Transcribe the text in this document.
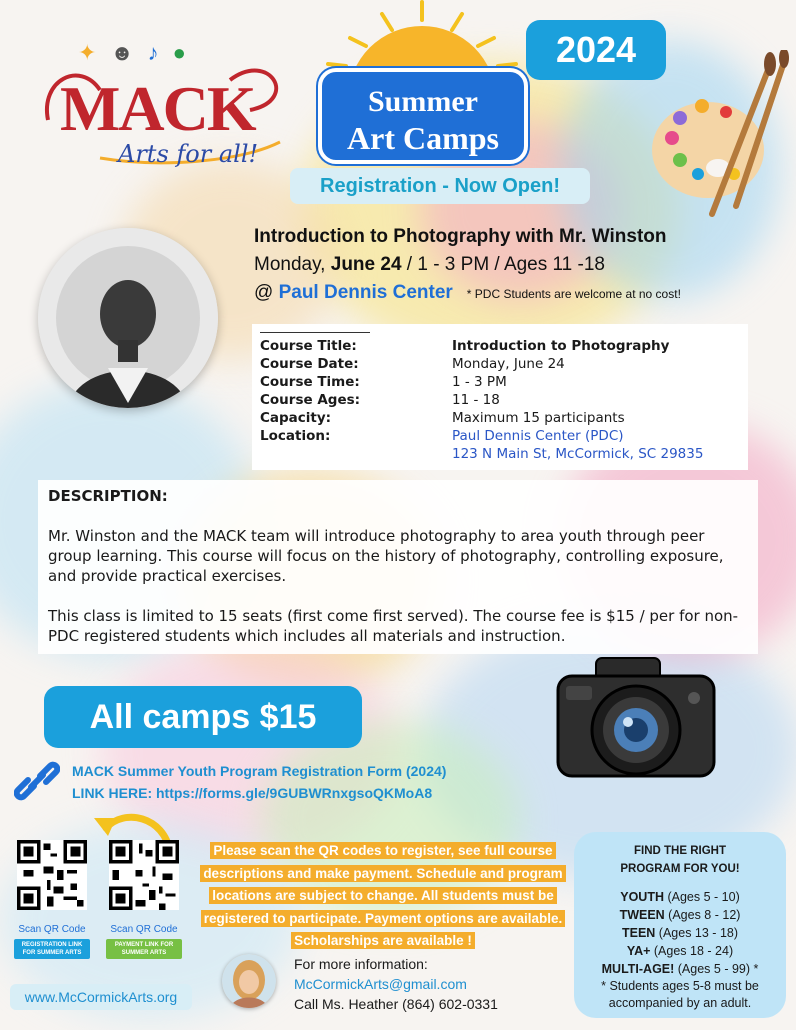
✦ ☻ ♪ ●
MACK
Arts for all!
Summer
Art Camps
2024
Registration - Now Open!
Introduction to Photography with Mr. Winston
Monday, June 24 / 1 - 3 PM / Ages 11 -18
@ Paul Dennis Center * PDC Students are welcome at no cost!
Course Title:	Introduction to Photography
Course Date:	Monday, June 24
Course Time:	1 - 3 PM
Course Ages:	11 - 18
Capacity:	Maximum 15 participants
Location:	Paul Dennis Center (PDC)
	123 N Main St, McCormick, SC 29835
DESCRIPTION:

Mr. Winston and the MACK team will introduce photography to area youth through peer group learning. This course will focus on the history of photography, controlling exposure, and provide practical exercises.

This class is limited to 15 seats (first come first served). The course fee is $15 / per for non-PDC registered students which includes all materials and instruction.

All camps $15
MACK Summer Youth Program Registration Form (2024)
LINK HERE: https://forms.gle/9GUBWRnxgsoQKMoA8
Scan QR Code
REGISTRATION LINK FOR SUMMER ARTS
Scan QR Code
PAYMENT LINK FOR SUMMER ARTS
www.McCormickArts.org
Please scan the QR codes to register, see full course descriptions and make payment. Schedule and program locations are subject to change. All students must be registered to participate. Payment options are available. Scholarships are available !
For more information:
McCormickArts@gmail.com
Call Ms. Heather (864) 602-0331
FIND THE RIGHT
PROGRAM FOR YOU!
YOUTH (Ages 5 - 10)
TWEEN (Ages 8 - 12)
TEEN (Ages 13 - 18)
YA+ (Ages 18 - 24)
MULTI-AGE! (Ages 5 - 99) *
* Students ages 5-8 must be
accompanied by an adult.
